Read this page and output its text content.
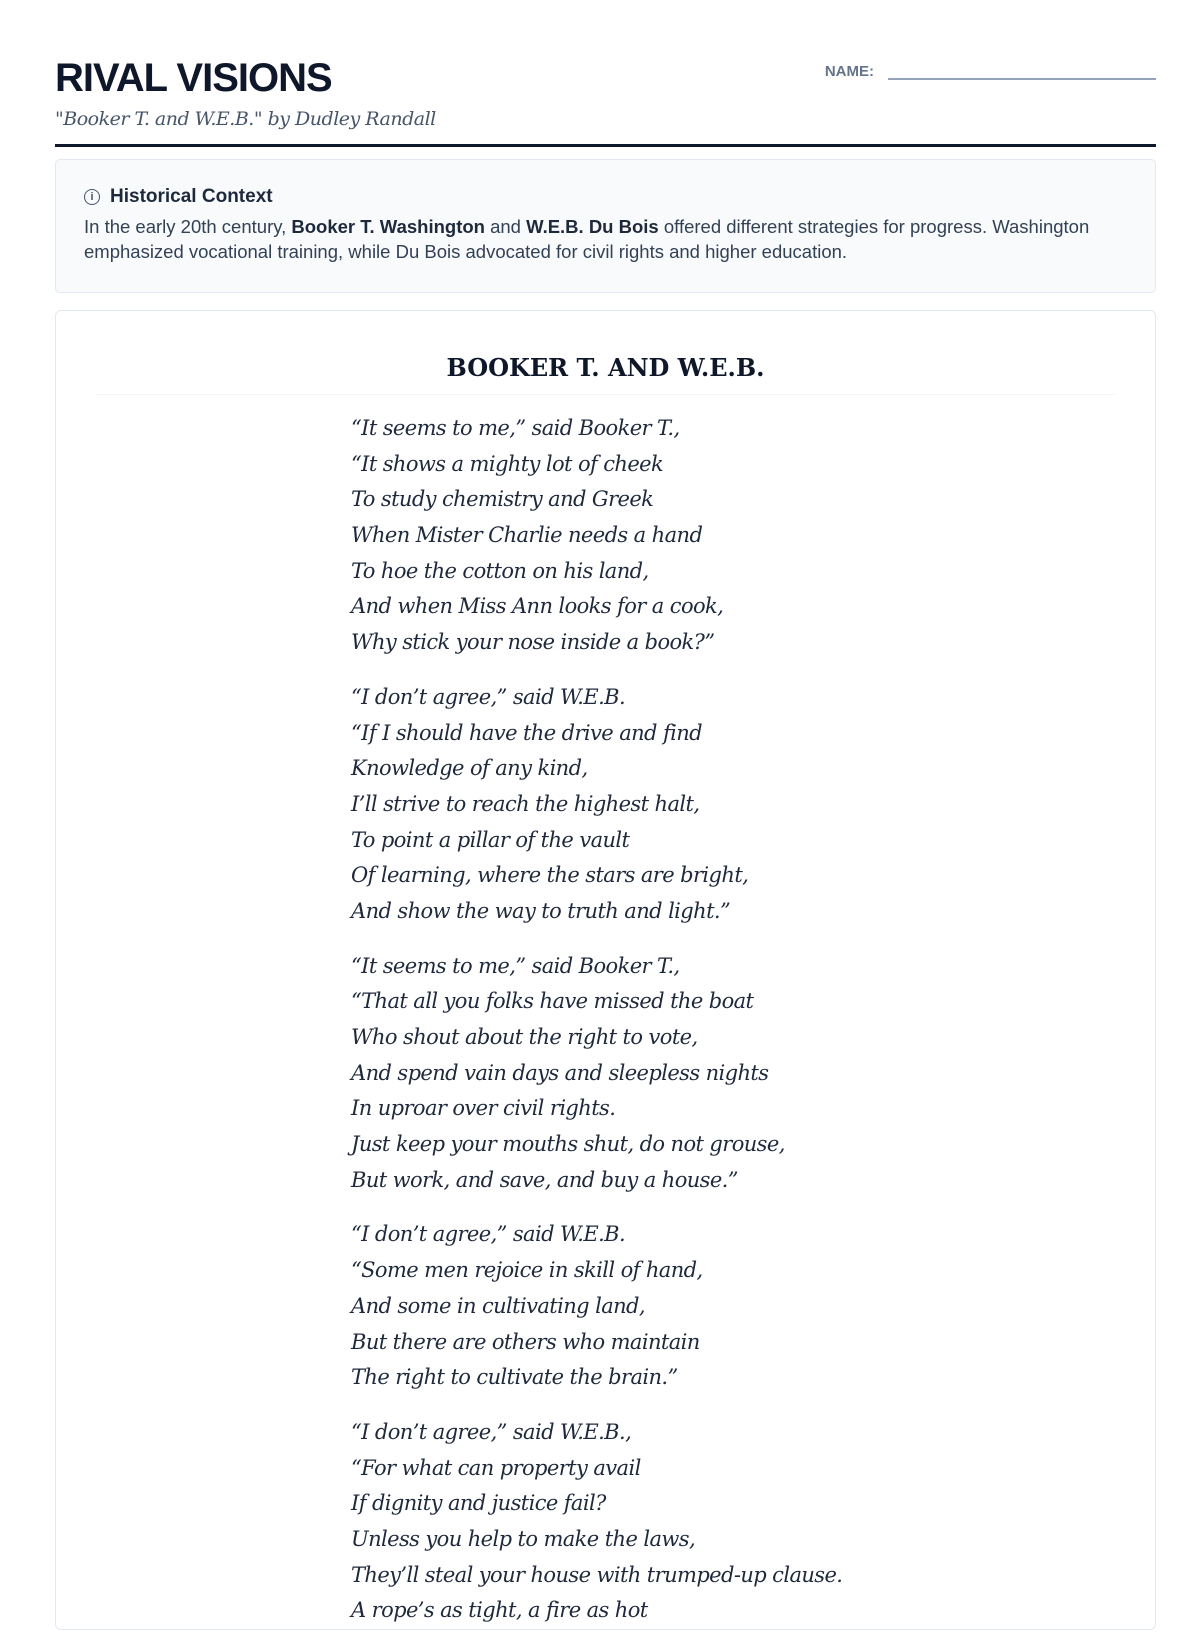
RIVAL VISIONS
"Booker T. and W.E.B." by Dudley Randall
NAME:
i Historical Context
In the early 20th century, Booker T. Washington and W.E.B. Du Bois offered different strategies for progress. Washington emphasized vocational training, while Du Bois advocated for civil rights and higher education.
BOOKER T. AND W.E.B.
“It seems to me,” said Booker T.,
“It shows a mighty lot of cheek
To study chemistry and Greek
When Mister Charlie needs a hand
To hoe the cotton on his land,
And when Miss Ann looks for a cook,
Why stick your nose inside a book?”
“I don’t agree,” said W.E.B.
“If I should have the drive and find
Knowledge of any kind,
I’ll strive to reach the highest halt,
To point a pillar of the vault
Of learning, where the stars are bright,
And show the way to truth and light.”
“It seems to me,” said Booker T.,
“That all you folks have missed the boat
Who shout about the right to vote,
And spend vain days and sleepless nights
In uproar over civil rights.
Just keep your mouths shut, do not grouse,
But work, and save, and buy a house.”
“I don’t agree,” said W.E.B.
“Some men rejoice in skill of hand,
And some in cultivating land,
But there are others who maintain
The right to cultivate the brain.”
“I don’t agree,” said W.E.B.,
“For what can property avail
If dignity and justice fail?
Unless you help to make the laws,
They’ll steal your house with trumped-up clause.
A rope’s as tight, a fire as hot
